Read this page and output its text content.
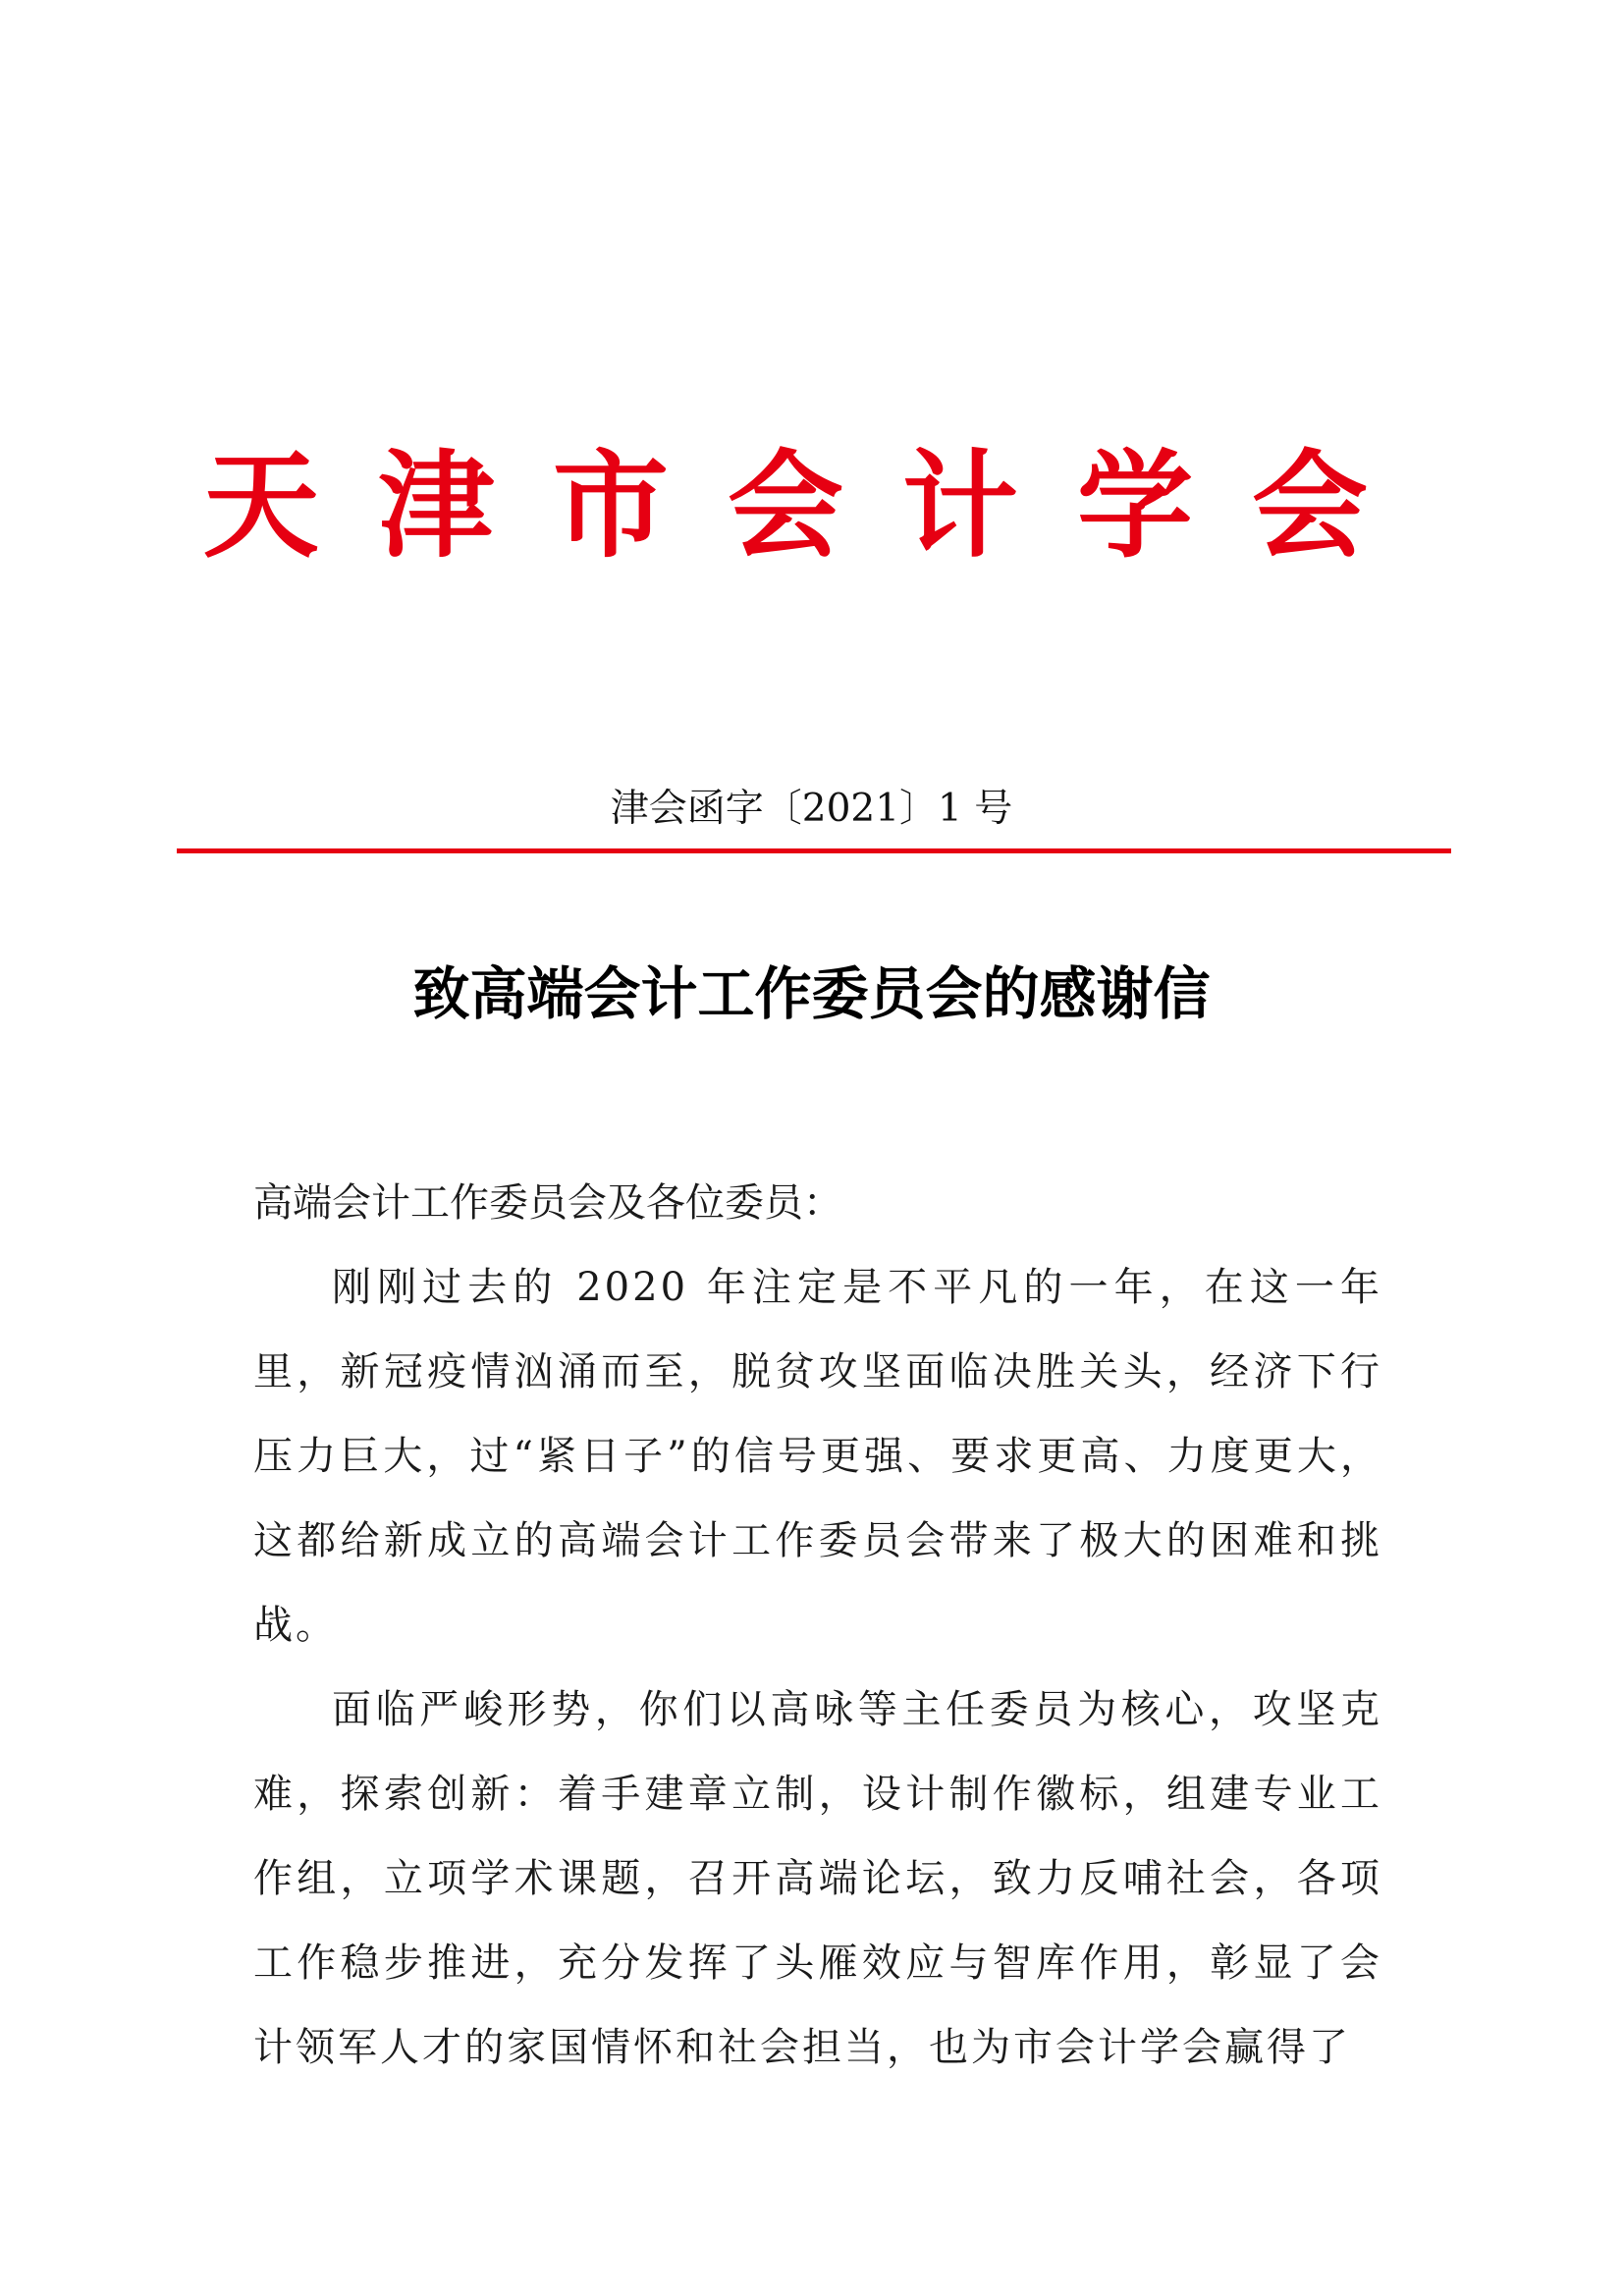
天津市会计学会
津会函字〔2021〕1 号
致高端会计工作委员会的感谢信

高端会计工作委员会及各位委员：

刚刚过去的 2020 年注定是不平凡的一年，在这一年里，新冠疫情汹涌而至，脱贫攻坚面临决胜关头，经济下行压力巨大，过“紧日子”的信号更强、要求更高、力度更大，这都给新成立的高端会计工作委员会带来了极大的困难和挑战。

面临严峻形势，你们以高咏等主任委员为核心，攻坚克难，探索创新：着手建章立制，设计制作徽标，组建专业工作组，立项学术课题，召开高端论坛，致力反哺社会，各项工作稳步推进，充分发挥了头雁效应与智库作用，彰显了会计领军人才的家国情怀和社会担当，也为市会计学会赢得了
